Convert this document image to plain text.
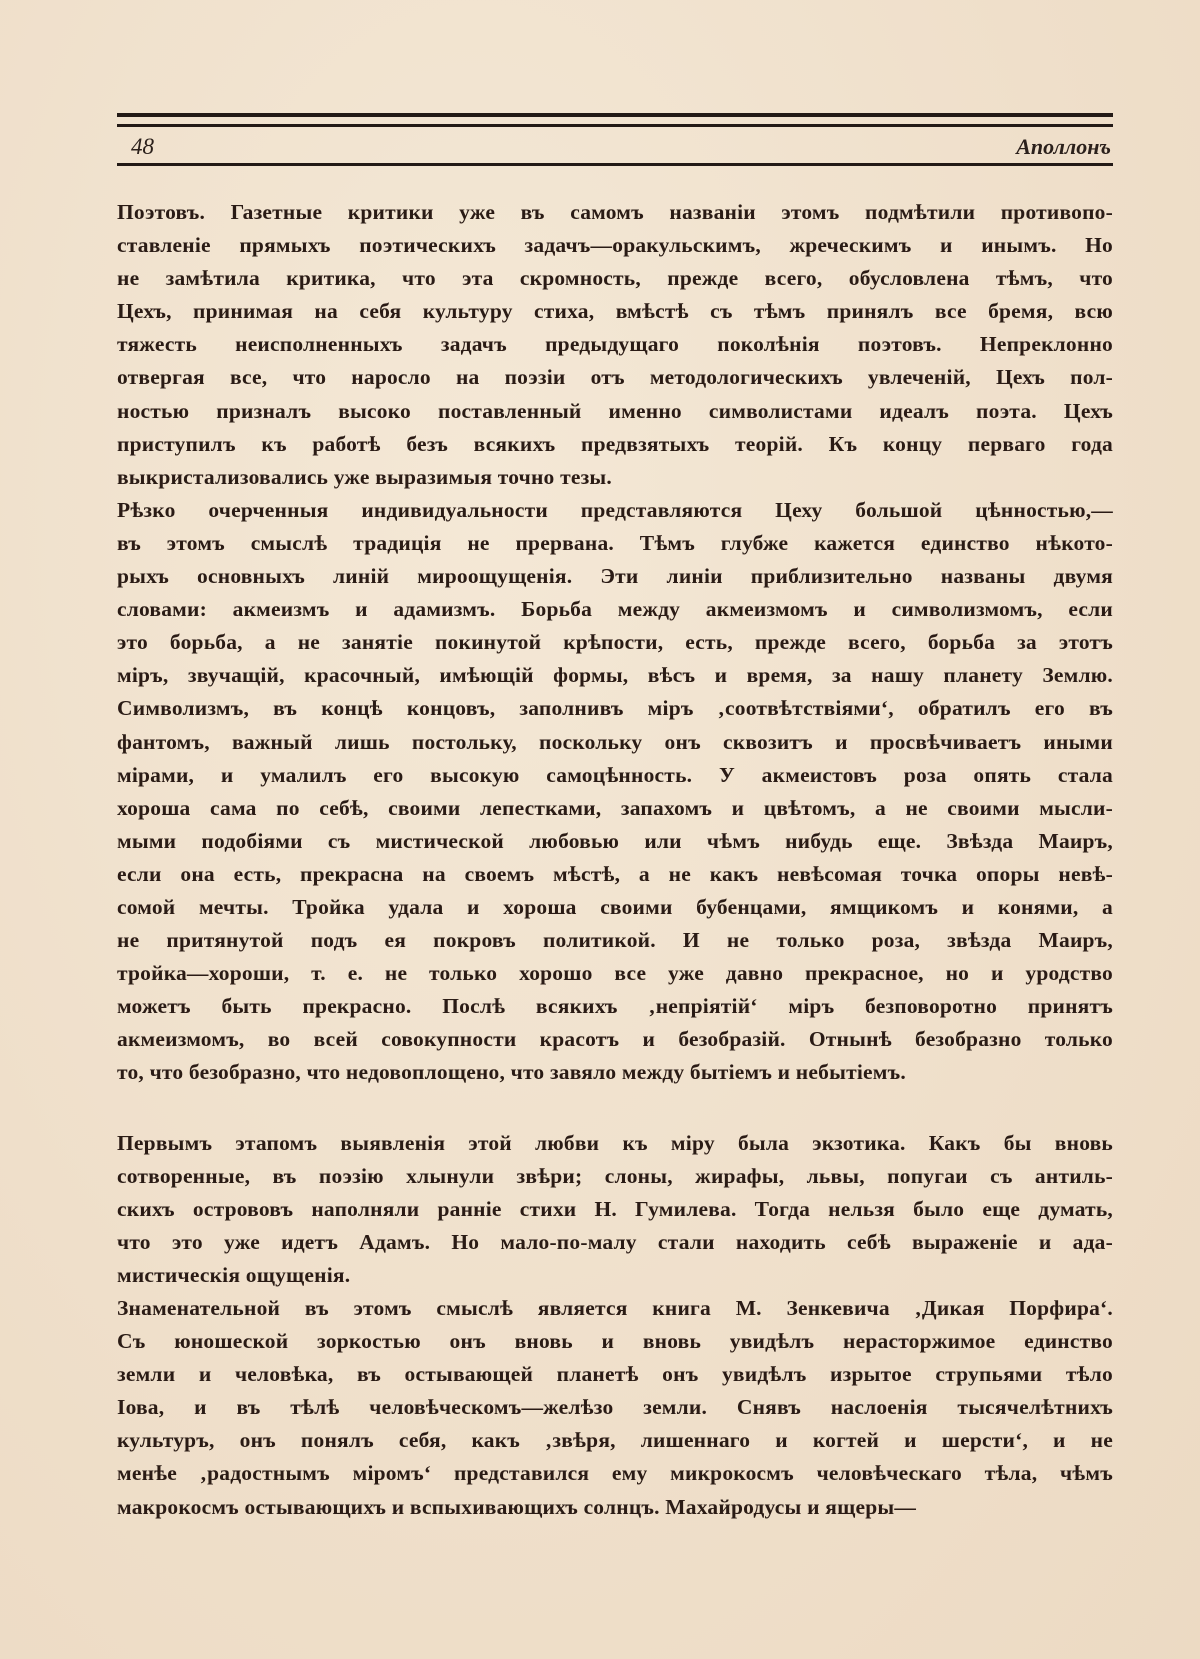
48	Аполлонъ
Поэтовъ. Газетные критики уже въ самомъ названіи этомъ подмѣтили противопо-
ставленіе прямыхъ поэтическихъ задачъ—оракульскимъ, жреческимъ и инымъ. Но
не замѣтила критика, что эта скромность, прежде всего, обусловлена тѣмъ, что
Цехъ, принимая на себя культуру стиха, вмѣстѣ съ тѣмъ принялъ все бремя, всю
тяжесть неисполненныхъ задачъ предыдущаго поколѣнія поэтовъ. Непреклонно
отвергая все, что наросло на поэзіи отъ методологическихъ увлеченій, Цехъ пол-
ностью призналъ высоко поставленный именно символистами идеалъ поэта. Цехъ
приступилъ къ работѣ безъ всякихъ предвзятыхъ теорій. Къ концу перваго года
выкристализовались уже выразимыя точно тезы.
Рѣзко очерченныя индивидуальности представляются Цеху большой цѣнностью,—
въ этомъ смыслѣ традиція не прервана. Тѣмъ глубже кажется единство нѣкото-
рыхъ основныхъ линій мироощущенія. Эти линіи приблизительно названы двумя
словами: акмеизмъ и адамизмъ. Борьба между акмеизмомъ и символизмомъ, если
это борьба, а не занятіе покинутой крѣпости, есть, прежде всего, борьба за этотъ
міръ, звучащій, красочный, имѣющій формы, вѣсъ и время, за нашу планету Землю.
Символизмъ, въ концѣ концовъ, заполнивъ міръ ‚соотвѣтствіями‘, обратилъ его въ
фантомъ, важный лишь постольку, поскольку онъ сквозитъ и просвѣчиваетъ иными
мірами, и умалилъ его высокую самоцѣнность. У акмеистовъ роза опять стала
хороша сама по себѣ, своими лепестками, запахомъ и цвѣтомъ, а не своими мысли-
мыми подобіями съ мистической любовью или чѣмъ нибудь еще. Звѣзда Маиръ,
если она есть, прекрасна на своемъ мѣстѣ, а не какъ невѣсомая точка опоры невѣ-
сомой мечты. Тройка удала и хороша своими бубенцами, ямщикомъ и конями, а
не притянутой подъ ея покровъ политикой. И не только роза, звѣзда Маиръ,
тройка—хороши, т. е. не только хорошо все уже давно прекрасное, но и уродство
можетъ быть прекрасно. Послѣ всякихъ ‚непріятій‘ міръ безповоротно принятъ
акмеизмомъ, во всей совокупности красотъ и безобразій. Отнынѣ безобразно только
то, что безобразно, что недовоплощено, что завяло между бытіемъ и небытіемъ.
Первымъ этапомъ выявленія этой любви къ міру была экзотика. Какъ бы вновь
сотворенные, въ поэзію хлынули звѣри; слоны, жирафы, львы, попугаи съ антиль-
скихъ острововъ наполняли ранніе стихи Н. Гумилева. Тогда нельзя было еще думать,
что это уже идетъ Адамъ. Но мало-по-малу стали находить себѣ выраженіе и ада-
мистическія ощущенія.
Знаменательной въ этомъ смыслѣ является книга М. Зенкевича ‚Дикая Порфира‘.
Съ юношеской зоркостью онъ вновь и вновь увидѣлъ нерасторжимое единство
земли и человѣка, въ остывающей планетѣ онъ увидѣлъ изрытое струпьями тѣло
Іова, и въ тѣлѣ человѣческомъ—желѣзо земли. Снявъ наслоенія тысячелѣтнихъ
культуръ, онъ понялъ себя, какъ ‚звѣря, лишеннаго и когтей и шерсти‘, и не
менѣе ‚радостнымъ міромъ‘ представился ему микрокосмъ человѣческаго тѣла, чѣмъ
макрокосмъ остывающихъ и вспыхивающихъ солнцъ. Махайродусы и ящеры—
